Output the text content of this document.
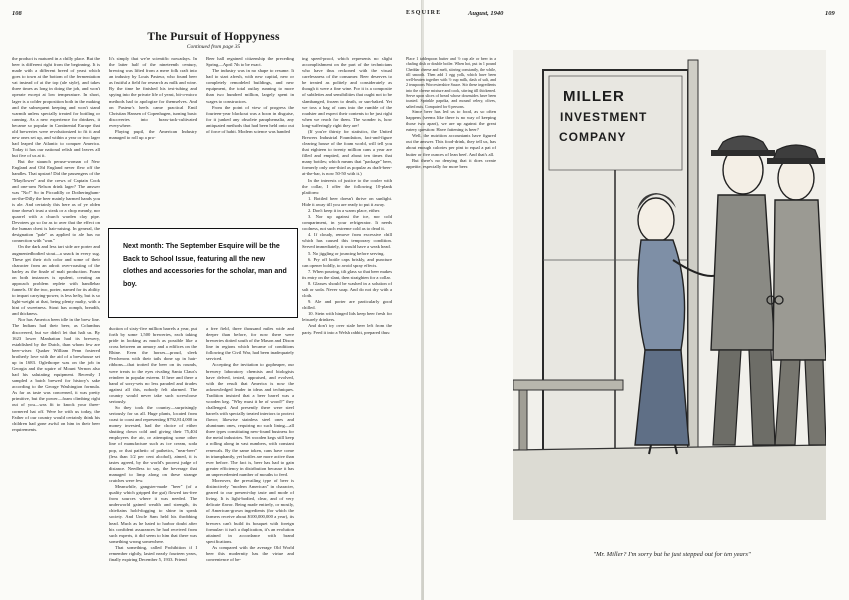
108	ESQUIRE	August, 1940	109
The Pursuit of Hoppyness
Continued from page 35

the product is matured in a chilly place. But the beer is different right from the beginning. It is made with a different breed of yeast which goes to town at the bottom of the fermentation vat instead of at the top (ale style), and takes three times as long in doing the job, and won't operate except at low temperature. In short, lager is a colder proposition both in the making and the subsequent keeping and won't stand warmth unless specially treated for bottling or canning. As a new experience for drinkers, it became so popular in Continental Europe that old breweries were revolutionized to fit it and new ones set up, and within a year or two lager had leaped the Atlantic to conquer America. Today it has our national relish and leaves all but five of us at it.

But the staunch peruse-woman of New England and Old England never flew off the handles. That upstart! Did the passengers of the "Mayflower" and the crews of Captain Cook and one-arm Nelson drink lager? The answer was "No!" So in Piccadilly or Dotheringham-on-the-Dilly the beer mainly harmed hands you is ale. And certainly this here as of ye olden time doesn't trust a steak or a chop meanly, nor quarrel with a church warden clay pipe. Devotees go so far as to aver that the effect on the human chest is hair-raising. In general, the designation "pale" as applied to ale has no connection with "wan."

On the dark and less tart side are porter and augmentedbodied stout—a snack in every sug. These get their rich color and some of their character from an adroit over-roasting of the barley as the finale of malt production. Foam on both instances is opulent, creating an approach problem replete with handlebar funnels. Of the two, porter, named for its ability to impart carrying-power, is less hefty, but is so light-weight at that, being plenty malty, with a hint of sweetness. Stout has oomph, breadth, and thickness.

Nor has America been idle in the brew line. The Indians had their beer, as Columbus discovered, but we didn't let that halt us. By 1623 lower Manhattan had its brewery, established by the Dutch, than whom few are beer-wiser. Quaker William Penn fostered brotherly love with the aid of a brewhouse set up in 1683. Oglethorpe was on the job in Georgia and the squire of Mount Vernon also had his salutating equipment. Recently I sampled a batch brewed for history's sake according to the George Washington formula. As far as taste was concerned, it was pretty primitive, but the power—foam climbing right out of you—was fit to knock your three-cornered hat off. Were he with us today, the Father of our country would certainly think his children had gone awful on him in their beer requirements.

It's simply that we're scientific nowadays. In the latter half of the nineteenth century, brewing was lifted from a mere folk craft into an industry by Louis Pasteur, who found beer as fruitful a field for research as milk and wine. By the time he finished his test-tubing and spying into the private life of yeast, bit-o-micro methods had to apologize for themselves. And on Pasteur's heels came practical Emil Christian Hansen of Copenhagen, turning basic discoveries into brass-tack-cultivated everywhere.

Playing pupil, the American Industry managed to roll up a pro-

Beer hall regained citizenship the preceding Spring—April 7th to be exact.

The industry was in no shape to resume. It had to start afresh, with new capital, new or completely remodeled buildings, and new equipment, the total outlay running to more than two hundred million, largely spent in wages to constructors.

From the point of view of progress the fourteen-year blackout was a boon in disguise, for it junked any obsolete paraphernalia, any antiquated methods that had been held onto out of force of habit. Modern science was handed

Next month: The September Esquire will be the Back to School Issue, featuring all the new clothes and accessories for the scholar, man and boy.

duction of sixty-five million barrels a year, put forth by some 1,500 breweries, each taking pride in looking as much as possible like a cross between an armory and a edifices on the Rhine. Even the horses—proud, sleek Percherons with their tails done up in hair-ribbons—that trotted the beer on its rounds, were treats to the eyes rivaling Santa Claus's reindeer in popular esteem. If here and there a band of sorry-sets no less paraded and tirades against all this, nobody felt alarmed. The country would never take such screwloose seriously.

So they took the country—surprisingly seriously for us all. Huge plants, located from coast to coast and representing $792,814,000 in money invested, had the choice of either shutting down cold and giving their 75,404 employees the air, or attempting some other line of manufacture such as ice cream, soda pop, or that pathetic of pathetics, "near-beer" (less than 1/2 per cent alcohol), aimed, it is tastes agreed, by the world's poorest judge of distance. Needless to say, the beverage that managed to limp along on these strange crutches were few.

Meanwhile, gangster-made "beer" (of a quality which gripped the gut) flowed tax-free from sources where it was needed. The underworld gained wealth and strength, its chieftains hold-dogging to shine in speak society. And Uncle Sam held his throbbing head. Much as he hated to harbor doubt after his confident assurances he had received from such experts, it did seem to him that there was something wrong somewhere.

That something, called Prohibition if I remember rightly, lasted nearly fourteen years, finally expiring December 5, 1933. Friend

a free field, three thousand miles wide and deeper than before, for now there were breweries dotted south of the Mason and Dixon line in regions which became of conditions following the Civil War, had been inadequately serviced.

Accepting the invitation to gopheaper, our brewery laboratory chemists and biologists have delved, tested, appraised, and evolved, with the result that America is now the acknowledged leader in ideas and techniques. Tradition insisted that a beer barrel was a wooden keg. "Why must it be of wood?" they challenged. And presently there were steel barrels with specially treated interiors to protect flavor; likewise stainless steel ones and aluminum ones, requiring no such lining—all three types constituting new-found business for the metal industries. Yet wooden kegs still keep a rolling along in vast numbers, with constant renewals. By the same token, cans have come in triumphantly, yet bottles are more active than ever before. The fact is, beer has had to gain greater efficiency in distribution because it has an unprecedented number of mouths to feed.

Moreover, the prevailing type of beer is distinctively "modern American" in character, geared to our present-day taste and mode of living. It is light-bodied, clear, and of very delicate flavor. Being made entirely, or mostly, of American-grown ingredients (for which the farmers receive about $100,000,000 a year), its brewers can't build its bouquet with foreign formulae: it isn't a duplication, it's an evolution attained in accordance with brand specifications.

As compared with the average Old World beer this modernity has the virtue and convenience of be-

ing speed-proof, which represents no slight accomplishment on the part of the technicians who have thus reckoned with the visual carelessness of the consumer. Beer deserves to be treated as politely and considerately as though it were a fine wine. For it is a composite of subtleties and sensibilities that ought not to be slambanged, frozen to death, or sun-baked. Yet we toss a bag of cans into the rumble of the roadster and expect their contents to be just right when we reach for them. The wonder is, how long-sufferingly right they are!

(If you're thirsty for statistics, the United Brewers Industrial Foundation, fact-and-figure clearing house of the foam world, will tell you that eighteen to twenty million cans a year are filled and emptied, and about ten times that many bottles; which means that "package" beer, formerly only one-third as popular as draft-beer-at-the-bar, is now 50-50 with it.)

In the interests of justice to the cooler with the collar, I offer the following 10-plank platform:

1. Bottled beer doesn't thrive on sunlight. Hide it away till you are ready to put it away.

2. Don't keep it in a warm place, either.

3. Nor up against the ice, nor cold compartment, in your refrigerator. It needs coolness, not such extreme cold as to dead it.

4. If cloudy, remove from excessive chill which has caused this temporary condition. Served immediately, it would have a weak head.

5. No jiggling or jouncing before serving.

6. Pry off bottle caps briskly, and puncture can opener boldly, to avoid spray effects.

7. When pouring, tilt glass so that beer makes its entry on the slant, then straighten for a collar.

8. Glasses should be washed in a solution of salt or soda. Never soap. And do not dry with a cloth.

9. Ale and porter are particularly good chilled.

10. Stein with hinged lids keep beer fresh for leisurely drinkers.

And don't try over stale beer left from the party. Feed it into a Welsh rabbit, prepared thus:

Place 1 tablespoon butter and ½ cup ale or beer in a chafing dish or double boiler. When hot, put in 1 pound Cheddar cheese and melt, stirring constantly, the while, till smooth. Then add 1 egg yolk, which have been well-beaten together with ½ cup milk, dash of salt, and 2 teaspoons Worcestershire Sauce. Stir these ingredients into the cheese mixture and cook, stirring till thickened. Serve upon slices of bread whose downsides have been toasted. Sprinkle paprika, and mound celery, olives, salted nuts. Computed for 6 persons.

Since beer has led us to food, as so often happens (seems like there is no way of keeping those two apart), we are up against the great eatery question: Have fattening is beer?

Well, the nutrition accountants have figured out the answer. This food-drink, they tell us, has about enough calories per pint to equal a pat of butter or five ounces of lean beef. And that's all.

But there's no denying that it does create appetite, especially for more beer.

MILLER
INVESTMENT
COMPANY
"Mr. Miller? I'm sorry but he just stepped out for ten years"
